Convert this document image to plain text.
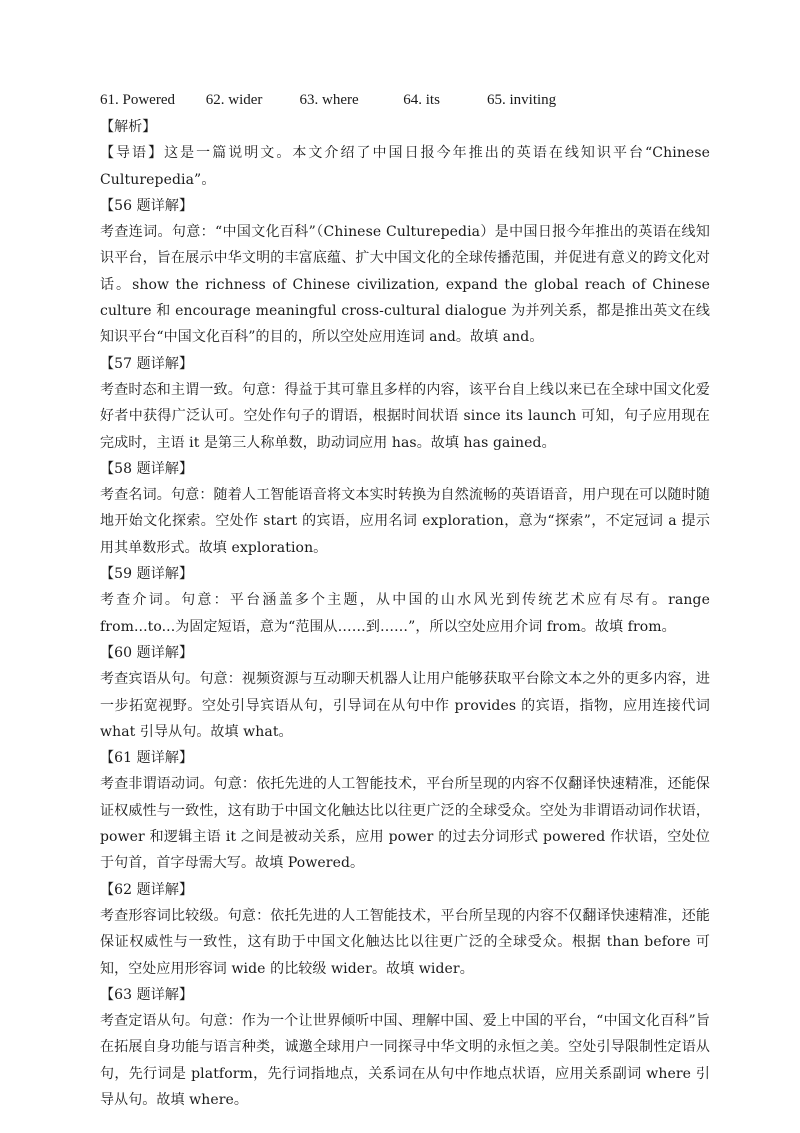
61. Powered 62. wider 63. where	64. its	65. inviting

【解析】

【导语】这是一篇说明文。本文介绍了中国日报今年推出的英语在线知识平台“Chinese Culturepedia”。

【56 题详解】

考查连词。句意：“中国文化百科”（Chinese Culturepedia）是中国日报今年推出的英语在线知识平台，旨在展示中华文明的丰富底蕴、扩大中国文化的全球传播范围，并促进有意义的跨文化对话。show the richness of Chinese civilization, expand the global reach of Chinese culture 和 encourage meaningful cross-cultural dialogue 为并列关系，都是推出英文在线知识平台“中国文化百科”的目的，所以空处应用连词 and。故填 and。

【57 题详解】

考查时态和主谓一致。句意：得益于其可靠且多样的内容，该平台自上线以来已在全球中国文化爱好者中获得广泛认可。空处作句子的谓语，根据时间状语 since its launch 可知，句子应用现在完成时，主语 it 是第三人称单数，助动词应用 has。故填 has gained。

【58 题详解】

考查名词。句意：随着人工智能语音将文本实时转换为自然流畅的英语语音，用户现在可以随时随地开始文化探索。空处作 start 的宾语，应用名词 exploration，意为“探索”，不定冠词 a 提示用其单数形式。故填 exploration。

【59 题详解】

考查介词。句意：平台涵盖多个主题，从中国的山水风光到传统艺术应有尽有。range from...to...为固定短语，意为“范围从……到……”，所以空处应用介词 from。故填 from。

【60 题详解】

考查宾语从句。句意：视频资源与互动聊天机器人让用户能够获取平台除文本之外的更多内容，进一步拓宽视野。空处引导宾语从句，引导词在从句中作 provides 的宾语，指物，应用连接代词 what 引导从句。故填 what。

【61 题详解】

考查非谓语动词。句意：依托先进的人工智能技术，平台所呈现的内容不仅翻译快速精准，还能保证权威性与一致性，这有助于中国文化触达比以往更广泛的全球受众。空处为非谓语动词作状语，power 和逻辑主语 it 之间是被动关系，应用 power 的过去分词形式 powered 作状语，空处位于句首，首字母需大写。故填 Powered。

【62 题详解】

考查形容词比较级。句意：依托先进的人工智能技术，平台所呈现的内容不仅翻译快速精准，还能保证权威性与一致性，这有助于中国文化触达比以往更广泛的全球受众。根据 than before 可知，空处应用形容词 wide 的比较级 wider。故填 wider。

【63 题详解】

考查定语从句。句意：作为一个让世界倾听中国、理解中国、爱上中国的平台，“中国文化百科”旨在拓展自身功能与语言种类，诚邀全球用户一同探寻中华文明的永恒之美。空处引导限制性定语从句，先行词是 platform，先行词指地点，关系词在从句中作地点状语，应用关系副词 where 引导从句。故填 where。
